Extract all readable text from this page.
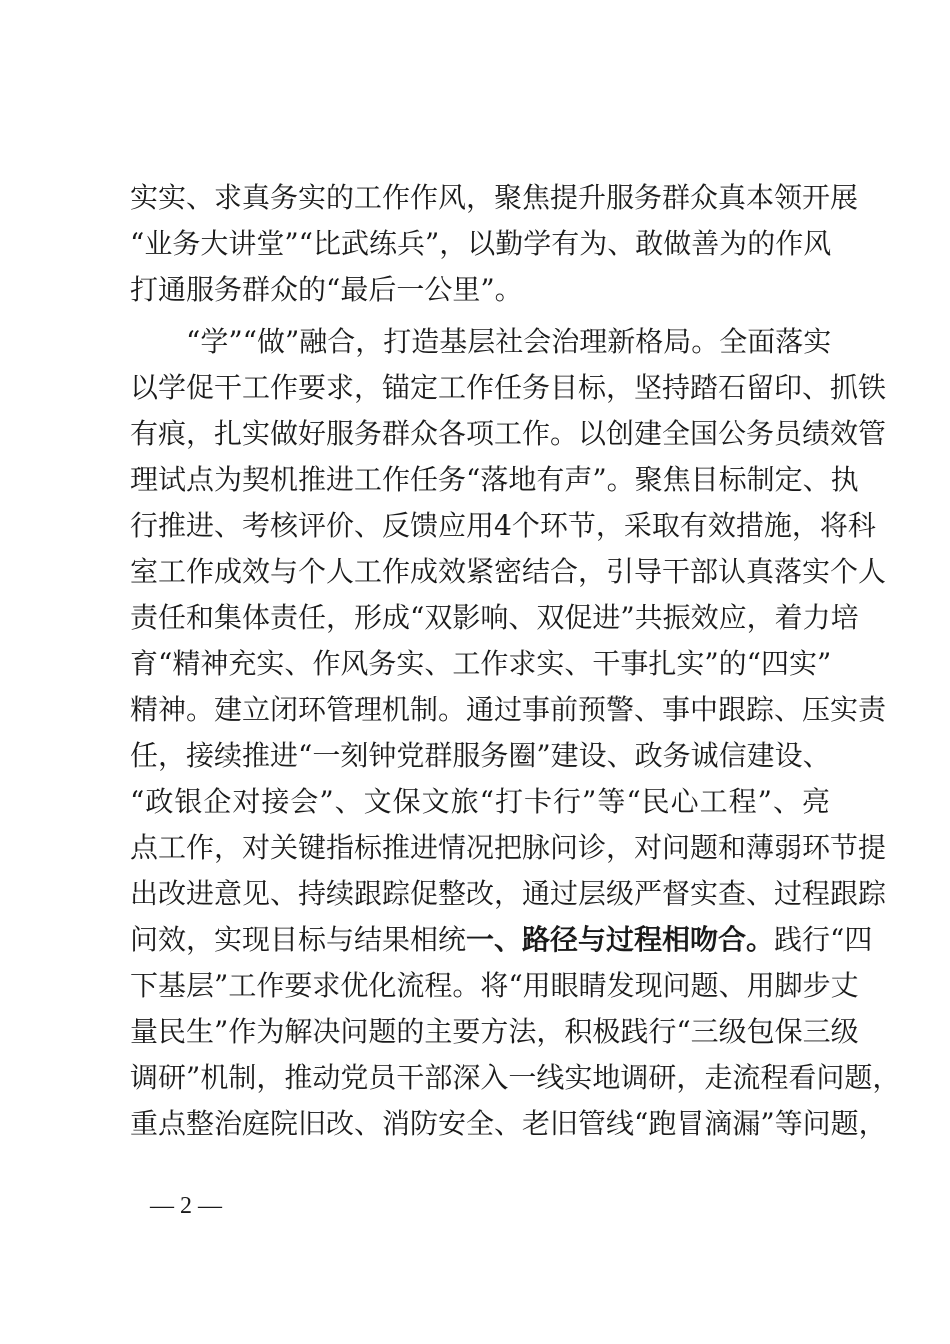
实实、求真务实的工作作风，聚焦提升服务群众真本领开展
“业务大讲堂”“比武练兵”，以勤学有为、敢做善为的作风
打通服务群众的“最后一公里”。
“学”“做”融合，打造基层社会治理新格局。全面落实
以学促干工作要求，锚定工作任务目标，坚持踏石留印、抓铁
有痕，扎实做好服务群众各项工作。以创建全国公务员绩效管
理试点为契机推进工作任务“落地有声”。聚焦目标制定、执
行推进、考核评价、反馈应用4个环节，采取有效措施，将科
室工作成效与个人工作成效紧密结合，引导干部认真落实个人
责任和集体责任，形成“双影响、双促进”共振效应，着力培
育“精神充实、作风务实、工作求实、干事扎实”的“四实”
精神。建立闭环管理机制。通过事前预警、事中跟踪、压实责
任，接续推进“一刻钟党群服务圈”建设、政务诚信建设、
“政银企对接会”、文保文旅“打卡行”等“民心工程”、亮
点工作，对关键指标推进情况把脉问诊，对问题和薄弱环节提
出改进意见、持续跟踪促整改，通过层级严督实查、过程跟踪
问效，实现目标与结果相统一、路径与过程相吻合。践行“四
下基层”工作要求优化流程。将“用眼睛发现问题、用脚步丈
量民生”作为解决问题的主要方法，积极践行“三级包保三级
调研”机制，推动党员干部深入一线实地调研，走流程看问题，
重点整治庭院旧改、消防安全、老旧管线“跑冒滴漏”等问题，
— 2 —
